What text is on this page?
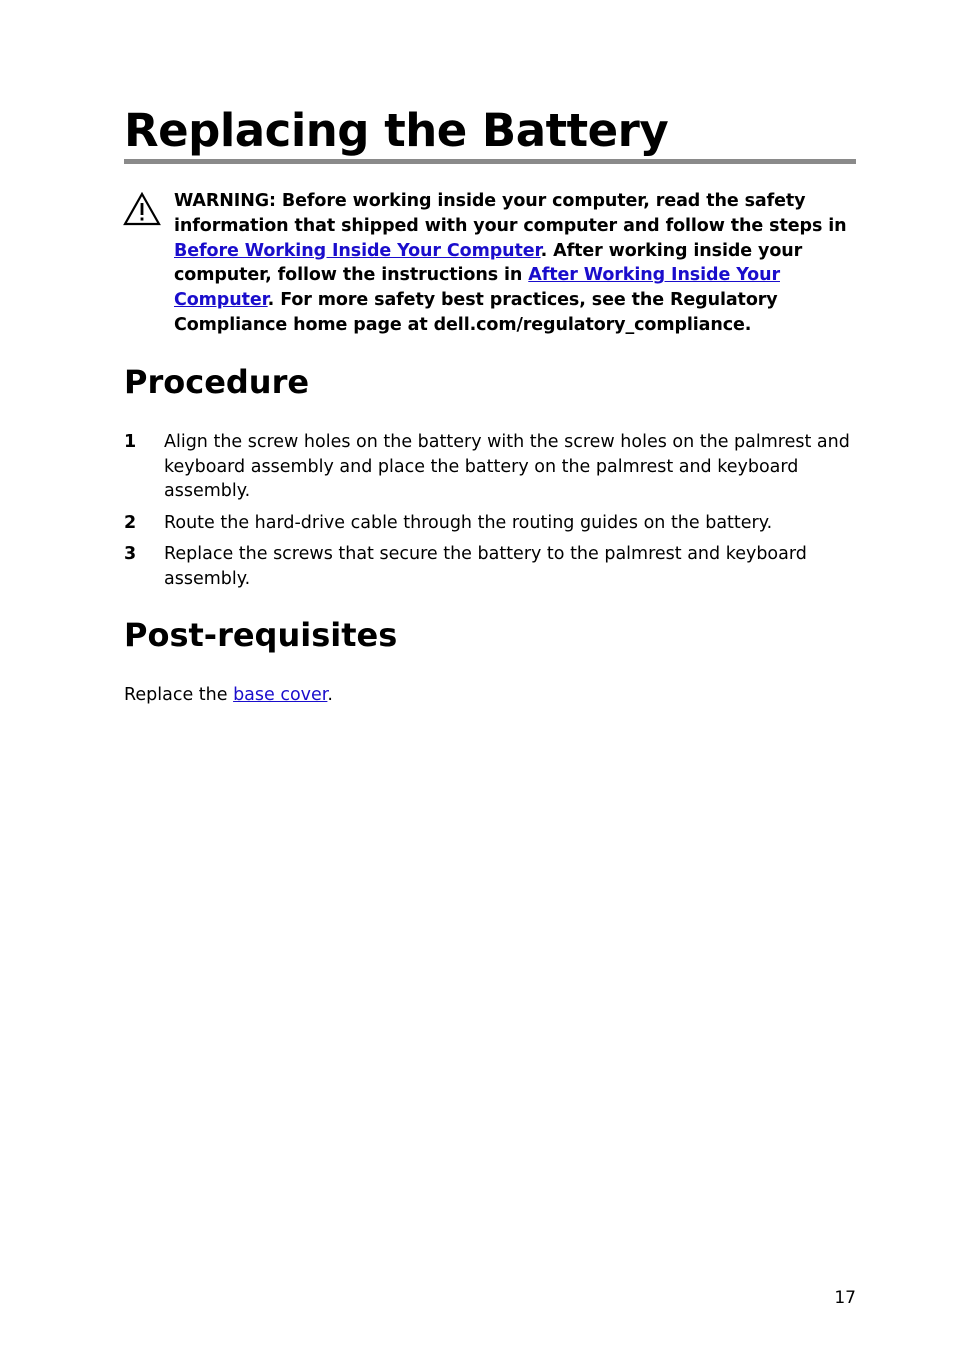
Replacing the Battery

WARNING: Before working inside your computer, read the safety information that shipped with your computer and follow the steps in Before Working Inside Your Computer. After working inside your computer, follow the instructions in After Working Inside Your Computer. For more safety best practices, see the Regulatory Compliance home page at dell.com/regulatory_compliance.

Procedure
1 Align the screw holes on the battery with the screw holes on the palmrest and keyboard assembly and place the battery on the palmrest and keyboard assembly.
2 Route the hard-drive cable through the routing guides on the battery.
3 Replace the screws that secure the battery to the palmrest and keyboard assembly.
Post-requisites

Replace the base cover.

17
